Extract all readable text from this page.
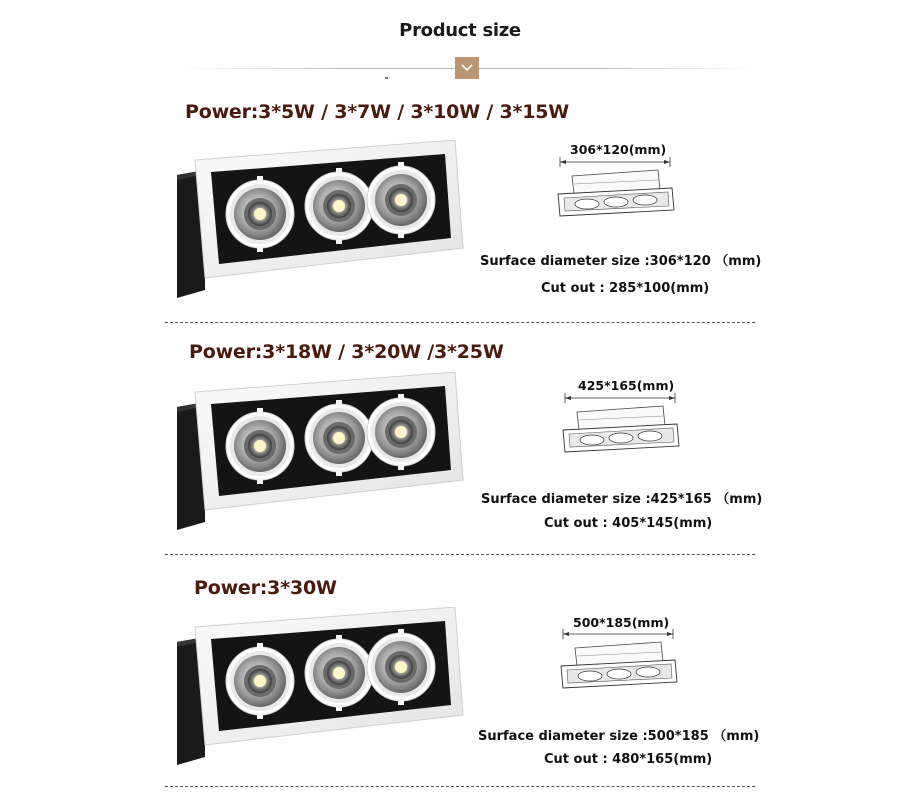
Product size
Power:3*5W / 3*7W / 3*10W / 3*15W
306*120(mm)
Surface diameter size :306*120 （mm)
Cut out : 285*100(mm)
Power:3*18W / 3*20W /3*25W
425*165(mm)
Surface diameter size :425*165 （mm)
Cut out : 405*145(mm)
Power:3*30W
500*185(mm)
Surface diameter size :500*185 （mm)
Cut out : 480*165(mm)
